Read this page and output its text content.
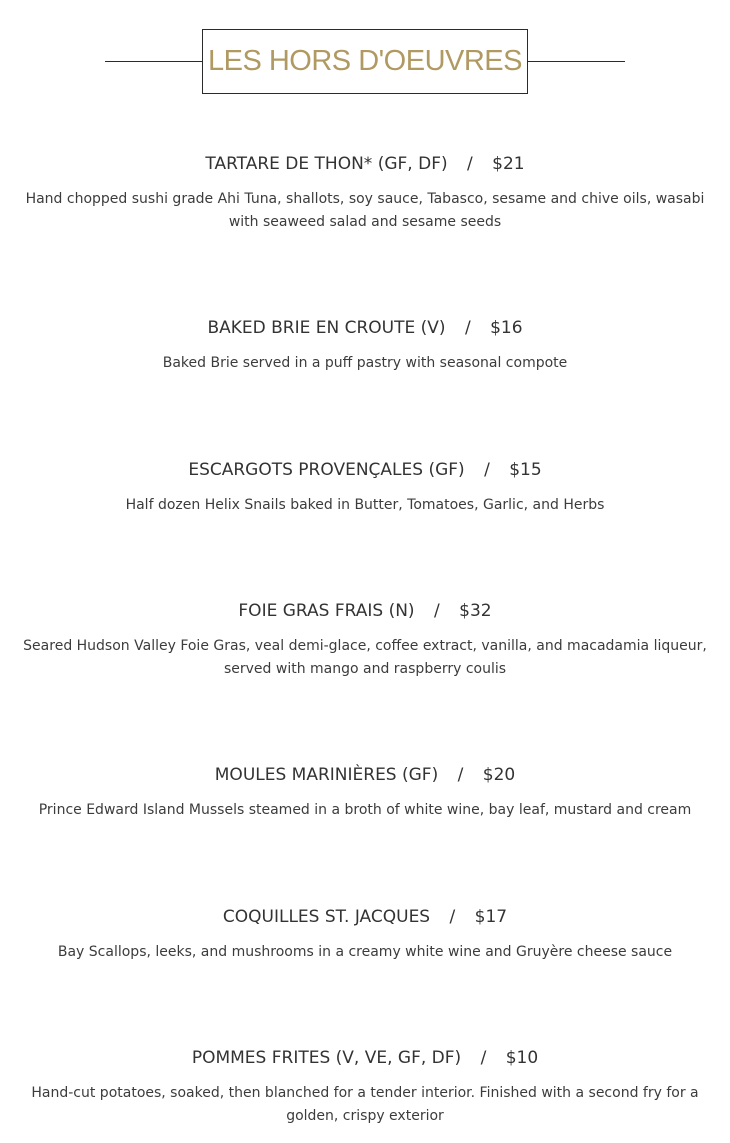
LES HORS D'OEUVRES
TARTARE DE THON* (GF, DF) / $21
Hand chopped sushi grade Ahi Tuna, shallots, soy sauce, Tabasco, sesame and chive oils, wasabi with seaweed salad and sesame seeds
BAKED BRIE EN CROUTE (V) / $16
Baked Brie served in a puff pastry with seasonal compote
ESCARGOTS PROVENÇALES (GF) / $15
Half dozen Helix Snails baked in Butter, Tomatoes, Garlic, and Herbs
FOIE GRAS FRAIS (N) / $32
Seared Hudson Valley Foie Gras, veal demi-glace, coffee extract, vanilla, and macadamia liqueur, served with mango and raspberry coulis
MOULES MARINIÈRES (GF) / $20
Prince Edward Island Mussels steamed in a broth of white wine, bay leaf, mustard and cream
COQUILLES ST. JACQUES / $17
Bay Scallops, leeks, and mushrooms in a creamy white wine and Gruyère cheese sauce
POMMES FRITES (V, VE, GF, DF) / $10
Hand-cut potatoes, soaked, then blanched for a tender interior. Finished with a second fry for a golden, crispy exterior
